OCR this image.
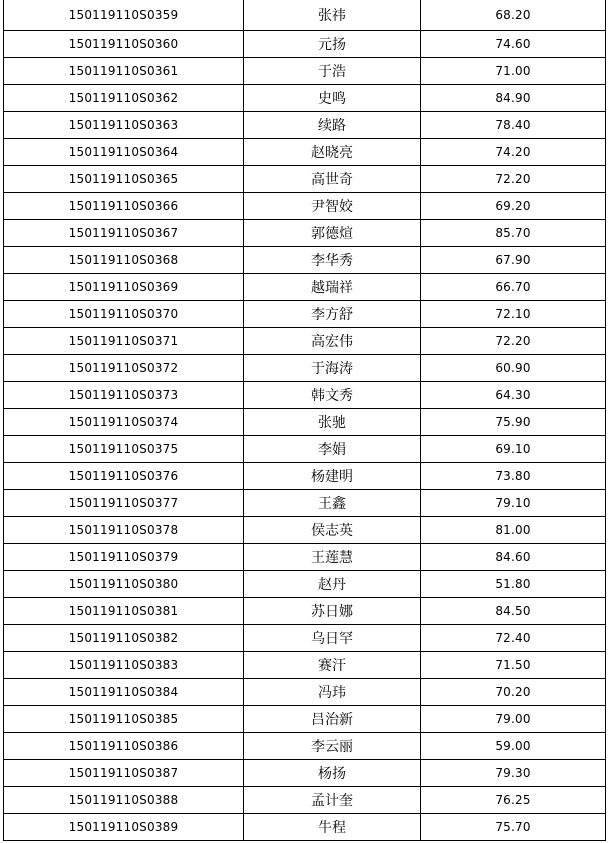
150119110S0359	张祎	68.20
150119110S0360	元扬	74.60
150119110S0361	于浩	71.00
150119110S0362	史鸣	84.90
150119110S0363	续路	78.40
150119110S0364	赵晓亮	74.20
150119110S0365	高世奇	72.20
150119110S0366	尹智姣	69.20
150119110S0367	郭德煊	85.70
150119110S0368	李华秀	67.90
150119110S0369	越瑞祥	66.70
150119110S0370	李方舒	72.10
150119110S0371	高宏伟	72.20
150119110S0372	于海涛	60.90
150119110S0373	韩文秀	64.30
150119110S0374	张驰	75.90
150119110S0375	李娟	69.10
150119110S0376	杨建明	73.80
150119110S0377	王鑫	79.10
150119110S0378	侯志英	81.00
150119110S0379	王莲慧	84.60
150119110S0380	赵丹	51.80
150119110S0381	苏日娜	84.50
150119110S0382	乌日罕	72.40
150119110S0383	赛汗	71.50
150119110S0384	冯玮	70.20
150119110S0385	吕治新	79.00
150119110S0386	李云丽	59.00
150119110S0387	杨扬	79.30
150119110S0388	孟计奎	76.25
150119110S0389	牛程	75.70
